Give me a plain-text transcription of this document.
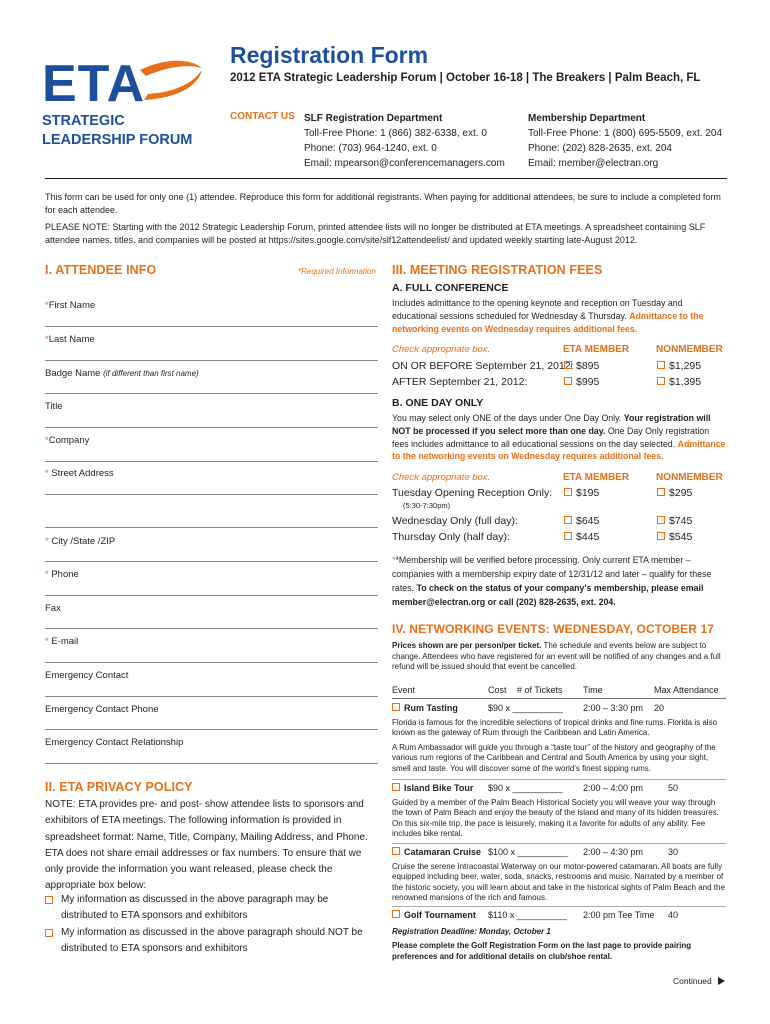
ETA
STRATEGIC
LEADERSHIP FORUM
Registration Form
2012 ETA Strategic Leadership Forum | October 16-18 | The Breakers | Palm Beach, FL
CONTACT US SLF Registration Department
Toll-Free Phone: 1 (866) 382-6338, ext. 0
Phone: (703) 964-1240, ext. 0
Email: mpearson@conferencemanagers.com
Membership Department
Toll-Free Phone: 1 (800) 695-5509, ext. 204
Phone: (202) 828-2635, ext. 204
Email: member@electran.org
This form can be used for only one (1) attendee. Reproduce this form for additional registrants. When paying for additional attendees, be sure to include a completed form for each attendee.
PLEASE NOTE: Starting with the 2012 Strategic Leadership Forum, printed attendee lists will no longer be distributed at ETA meetings. A spreadsheet containing SLF attendee names, titles, and companies will be posted at https://sites.google.com/site/slf12attendeelist/ and updated weekly starting late-August 2012.
I. ATTENDEE INFO	*Required Information
*First Name
*Last Name
Badge Name (if different than first name)
Title
*Company
* Street Address
* City /State /ZIP
* Phone
Fax
* E-mail
Emergency Contact
Emergency Contact Phone
Emergency Contact Relationship
II. ETA PRIVACY POLICY
NOTE: ETA provides pre- and post- show attendee lists to sponsors and exhibitors of ETA meetings. The following information is provided in spreadsheet format: Name, Title, Company, Mailing Address, and Phone. ETA does not share email addresses or fax numbers. To ensure that we only provide the information you want released, please check the appropriate box below:
My information as discussed in the above paragraph may be distributed to ETA sponsors and exhibitors
My information as discussed in the above paragraph should NOT be distributed to ETA sponsors and exhibitors
III. MEETING REGISTRATION FEES
A. FULL CONFERENCE
Includes admittance to the opening keynote and reception on Tuesday and educational sessions scheduled for Wednesday & Thursday. Admittance to the networking events on Wednesday requires additional fees.
Check appropriate box.	ETA MEMBER	NONMEMBER
ON OR BEFORE September 21, 2012: $895	$1,295
AFTER September 21, 2012:	$995	$1,395
B. ONE DAY ONLY
You may select only ONE of the days under One Day Only. Your registration will NOT be processed if you select more than one day. One Day Only registration fees includes admittance to all educational sessions on the day selected. Admittance to the networking events on Wednesday requires additional fees.
Check appropriate box.	ETA MEMBER	NONMEMBER
Tuesday Opening Reception Only:	$195	$295
(5:30-7:30pm)
Wednesday Only (full day):	$645	$745
Thursday Only (half day):	$445	$545
**Membership will be verified before processing. Only current ETA member – companies with a membership expiry date of 12/31/12 and later – qualify for these rates. To check on the status of your company's membership, please email member@electran.org or call (202) 828-2635, ext. 204.
IV. NETWORKING EVENTS: WEDNESDAY, OCTOBER 17
Prices shown are per person/per ticket. The schedule and events below are subject to change. Attendees who have registered for an event will be notified of any changes and a full refund will be issued should that event be cancelled.
Event	Cost # of Tickets Time	Max Attendance
Rum Tasting	$90 x __________ 2:00 – 3:30 pm 20
Florida is famous for the incredible selections of tropical drinks and fine rums. Florida is also known as the gateway of Rum through the Caribbean and Latin America.
A Rum Ambassador will guide you through a “taste tour” of the history and geography of the various rum regions of the Caribbean and Central and South America by using your sight, smell and taste. You will discover some of the world's finest sipping rums.
Island Bike Tour $90 x __________ 2:00 – 4:00 pm	50
Guided by a member of the Palm Beach Historical Society you will weave your way through the town of Palm Beach and enjoy the beauty of the island and many of its hidden treasures. On this six-mile trip, the pace is leisurely, making it a favorite for adults of any ability. Fee includes bike rental.
Catamaran Cruise $100 x __________ 2:00 – 4:30 pm	30
Cruise the serene Intracoastal Waterway on our motor-powered catamaran. All boats are fully equipped including beer, water, soda, snacks, restrooms and music. Narrated by a member of the historic society, you will learn about and take in the historical sights of Palm Beach and the renowned mansions of the rich and famous.
Golf Tournament $110 x __________ 2:00 pm Tee Time 40
Registration Deadline: Monday, October 1
Please complete the Golf Registration Form on the last page to provide pairing preferences and for additional details on club/shoe rental.
Continued
